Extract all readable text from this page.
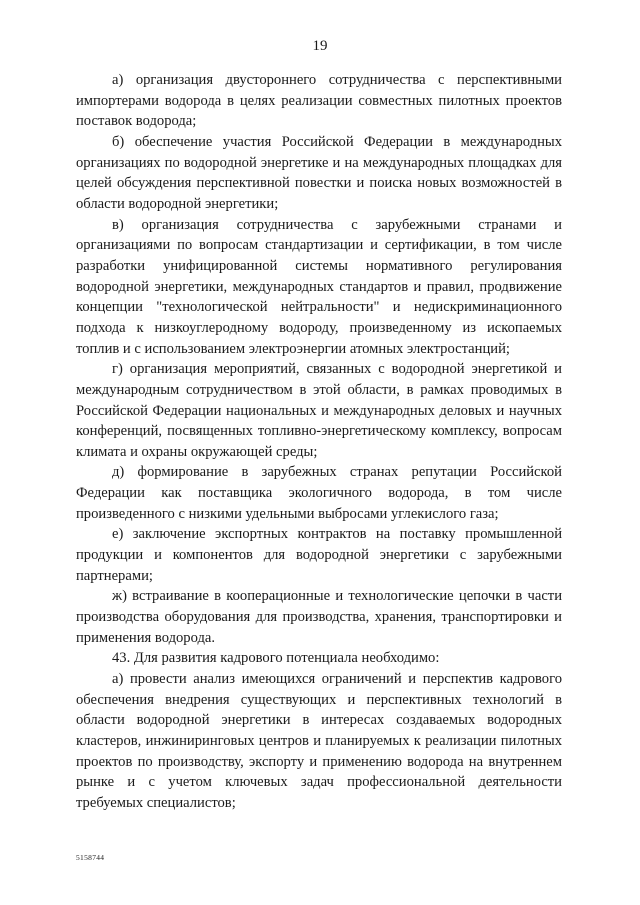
19

а) организация двустороннего сотрудничества с перспективными импортерами водорода в целях реализации совместных пилотных проектов поставок водорода;

б) обеспечение участия Российской Федерации в международных организациях по водородной энергетике и на международных площадках для целей обсуждения перспективной повестки и поиска новых возможностей в области водородной энергетики;

в) организация сотрудничества с зарубежными странами и организациями по вопросам стандартизации и сертификации, в том числе разработки унифицированной системы нормативного регулирования водородной энергетики, международных стандартов и правил, продвижение концепции "технологической нейтральности" и недискриминационного подхода к низкоуглеродному водороду, произведенному из ископаемых топлив и с использованием электроэнергии атомных электростанций;

г) организация мероприятий, связанных с водородной энергетикой и международным сотрудничеством в этой области, в рамках проводимых в Российской Федерации национальных и международных деловых и научных конференций, посвященных топливно-энергетическому комплексу, вопросам климата и охраны окружающей среды;

д) формирование в зарубежных странах репутации Российской Федерации как поставщика экологичного водорода, в том числе произведенного с низкими удельными выбросами углекислого газа;

е) заключение экспортных контрактов на поставку промышленной продукции и компонентов для водородной энергетики с зарубежными партнерами;

ж) встраивание в кооперационные и технологические цепочки в части производства оборудования для производства, хранения, транспортировки и применения водорода.

43. Для развития кадрового потенциала необходимо:

а) провести анализ имеющихся ограничений и перспектив кадрового обеспечения внедрения существующих и перспективных технологий в области водородной энергетики в интересах создаваемых водородных кластеров, инжиниринговых центров и планируемых к реализации пилотных проектов по производству, экспорту и применению водорода на внутреннем рынке и с учетом ключевых задач профессиональной деятельности требуемых специалистов;

5158744
